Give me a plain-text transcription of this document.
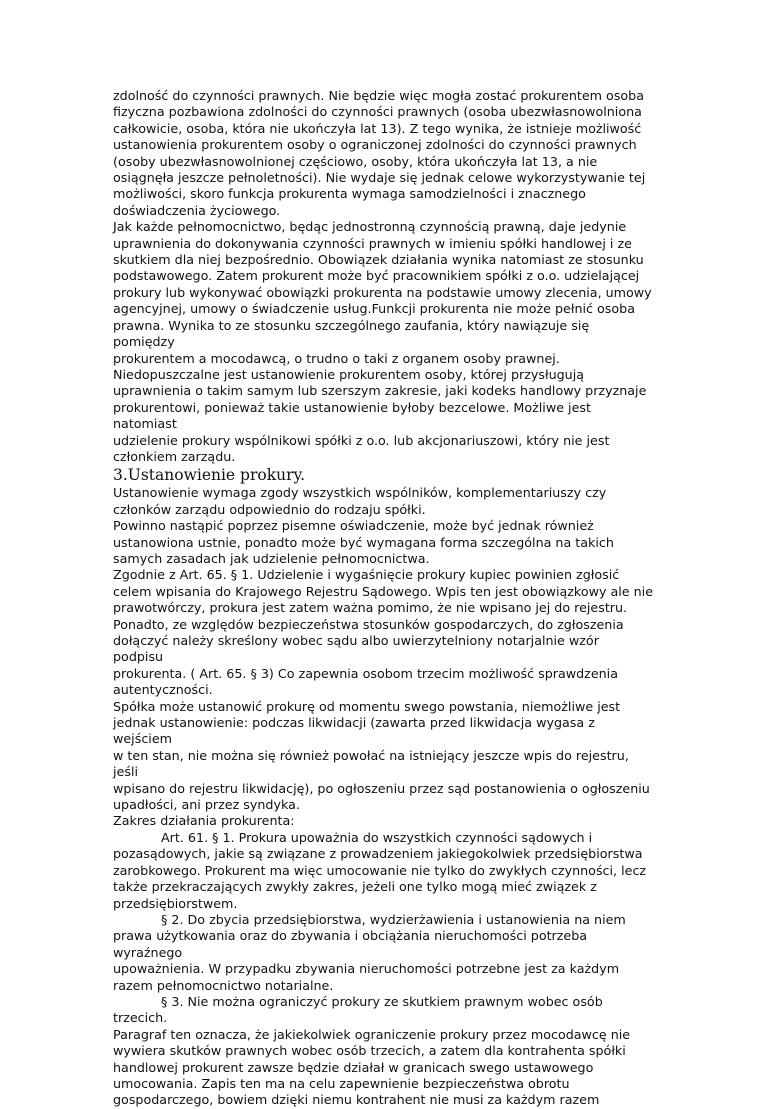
zdolność do czynności prawnych. Nie będzie więc mogła zostać prokurentem osoba
fizyczna pozbawiona zdolności do czynności prawnych (osoba ubezwłasnowolniona
całkowicie, osoba, która nie ukończyła lat 13). Z tego wynika, że istnieje możliwość
ustanowienia prokurentem osoby o ograniczonej zdolności do czynności prawnych
(osoby ubezwłasnowolnionej częściowo, osoby, która ukończyła lat 13, a nie
osiągnęła jeszcze pełnoletności). Nie wydaje się jednak celowe wykorzystywanie tej
możliwości, skoro funkcja prokurenta wymaga samodzielności i znacznego
doświadczenia życiowego.

Jak każde pełnomocnictwo, będąc jednostronną czynnością prawną, daje jedynie
uprawnienia do dokonywania czynności prawnych w imieniu spółki handlowej i ze
skutkiem dla niej bezpośrednio. Obowiązek działania wynika natomiast ze stosunku
podstawowego. Zatem prokurent może być pracownikiem spółki z o.o. udzielającej
prokury lub wykonywać obowiązki prokurenta na podstawie umowy zlecenia, umowy
agencyjnej, umowy o świadczenie usług.Funkcji prokurenta nie może pełnić osoba
prawna. Wynika to ze stosunku szczególnego zaufania, który nawiązuje się pomiędzy
prokurentem a mocodawcą, o trudno o taki z organem osoby prawnej.
Niedopuszczalne jest ustanowienie prokurentem osoby, której przysługują
uprawnienia o takim samym lub szerszym zakresie, jaki kodeks handlowy przyznaje
prokurentowi, ponieważ takie ustanowienie byłoby bezcelowe. Możliwe jest natomiast
udzielenie prokury wspólnikowi spółki z o.o. lub akcjonariuszowi, który nie jest
członkiem zarządu.

3.Ustanowienie prokury.

Ustanowienie wymaga zgody wszystkich wspólników, komplementariuszy czy
członków zarządu odpowiednio do rodzaju spółki.

Powinno nastąpić poprzez pisemne oświadczenie, może być jednak również
ustanowiona ustnie, ponadto może być wymagana forma szczególna na takich
samych zasadach jak udzielenie pełnomocnictwa.

Zgodnie z Art. 65. § 1. Udzielenie i wygaśnięcie prokury kupiec powinien zgłosić
celem wpisania do Krajowego Rejestru Sądowego. Wpis ten jest obowiązkowy ale nie
prawotwórczy, prokura jest zatem ważna pomimo, że nie wpisano jej do rejestru.
Ponadto, ze względów bezpieczeństwa stosunków gospodarczych, do zgłoszenia
dołączyć należy skreślony wobec sądu albo uwierzytelniony notarjalnie wzór podpisu
prokurenta. ( Art. 65. § 3) Co zapewnia osobom trzecim możliwość sprawdzenia
autentyczności.

Spółka może ustanowić prokurę od momentu swego powstania, niemożliwe jest
jednak ustanowienie: podczas likwidacji (zawarta przed likwidacja wygasa z wejściem
w ten stan, nie można się również powołać na istniejący jeszcze wpis do rejestru, jeśli
wpisano do rejestru likwidację), po ogłoszeniu przez sąd postanowienia o ogłoszeniu
upadłości, ani przez syndyka.

Zakres działania prokurenta:

Art. 61. § 1. Prokura upoważnia do wszystkich czynności sądowych i
pozasądowych, jakie są związane z prowadzeniem jakiegokolwiek przedsiębiorstwa
zarobkowego. Prokurent ma więc umocowanie nie tylko do zwykłych czynności, lecz
także przekraczających zwykły zakres, jeżeli one tylko mogą mieć związek z
przedsiębiorstwem.

§ 2. Do zbycia przedsiębiorstwa, wydzierżawienia i ustanowienia na niem
prawa użytkowania oraz do zbywania i obciążania nieruchomości potrzeba wyraźnego
upoważnienia. W przypadku zbywania nieruchomości potrzebne jest za każdym
razem pełnomocnictwo notarialne.

§ 3. Nie można ograniczyć prokury ze skutkiem prawnym wobec osób trzecich.
Paragraf ten oznacza, że jakiekolwiek ograniczenie prokury przez mocodawcę nie
wywiera skutków prawnych wobec osób trzecich, a zatem dla kontrahenta spółki
handlowej prokurent zawsze będzie działał w granicach swego ustawowego
umocowania. Zapis ten ma na celu zapewnienie bezpieczeństwa obrotu
gospodarczego, bowiem dzięki niemu kontrahent nie musi za każdym razem
